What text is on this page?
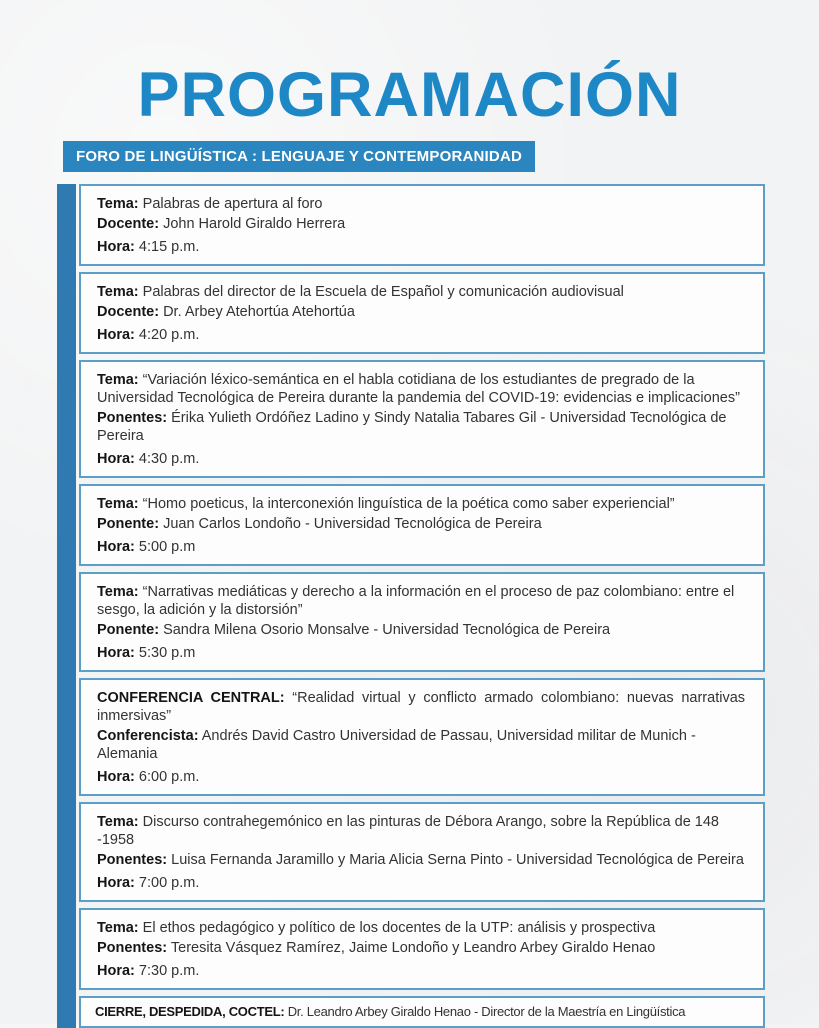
PROGRAMACIÓN
FORO DE LINGÜÍSTICA : LENGUAJE Y CONTEMPORANIDAD

Tema: Palabras de apertura al foro

Docente: John Harold Giraldo Herrera

Hora: 4:15 p.m.

Tema: Palabras del director de la Escuela de Español y comunicación audiovisual

Docente: Dr. Arbey Atehortúa Atehortúa

Hora: 4:20 p.m.

Tema: “Variación léxico-semántica en el habla cotidiana de los estudiantes de pregrado de la Universidad Tecnológica de Pereira durante la pandemia del COVID-19: evidencias e implicaciones”

Ponentes: Érika Yulieth Ordóñez Ladino y Sindy Natalia Tabares Gil - Universidad Tecnológica de Pereira

Hora: 4:30 p.m.

Tema: “Homo poeticus, la interconexión linguística de la poética como saber experiencial”

Ponente: Juan Carlos Londoño - Universidad Tecnológica de Pereira

Hora: 5:00 p.m

Tema: “Narrativas mediáticas y derecho a la información en el proceso de paz colombiano: entre el sesgo, la adición y la distorsión”

Ponente: Sandra Milena Osorio Monsalve - Universidad Tecnológica de Pereira

Hora: 5:30 p.m

CONFERENCIA CENTRAL: “Realidad virtual y conflicto armado colombiano: nuevas narrativas inmersivas”

Conferencista: Andrés David Castro Universidad de Passau, Universidad militar de Munich - Alemania

Hora: 6:00 p.m.

Tema: Discurso contrahegemónico en las pinturas de Débora Arango, sobre la República de 148 -1958

Ponentes: Luisa Fernanda Jaramillo y Maria Alicia Serna Pinto - Universidad Tecnológica de Pereira

Hora: 7:00 p.m.

Tema: El ethos pedagógico y político de los docentes de la UTP: análisis y prospectiva

Ponentes: Teresita Vásquez Ramírez, Jaime Londoño y Leandro Arbey Giraldo Henao

Hora: 7:30 p.m.

CIERRE, DESPEDIDA, COCTEL: Dr. Leandro Arbey Giraldo Henao - Director de la Maestría en Lingüística
